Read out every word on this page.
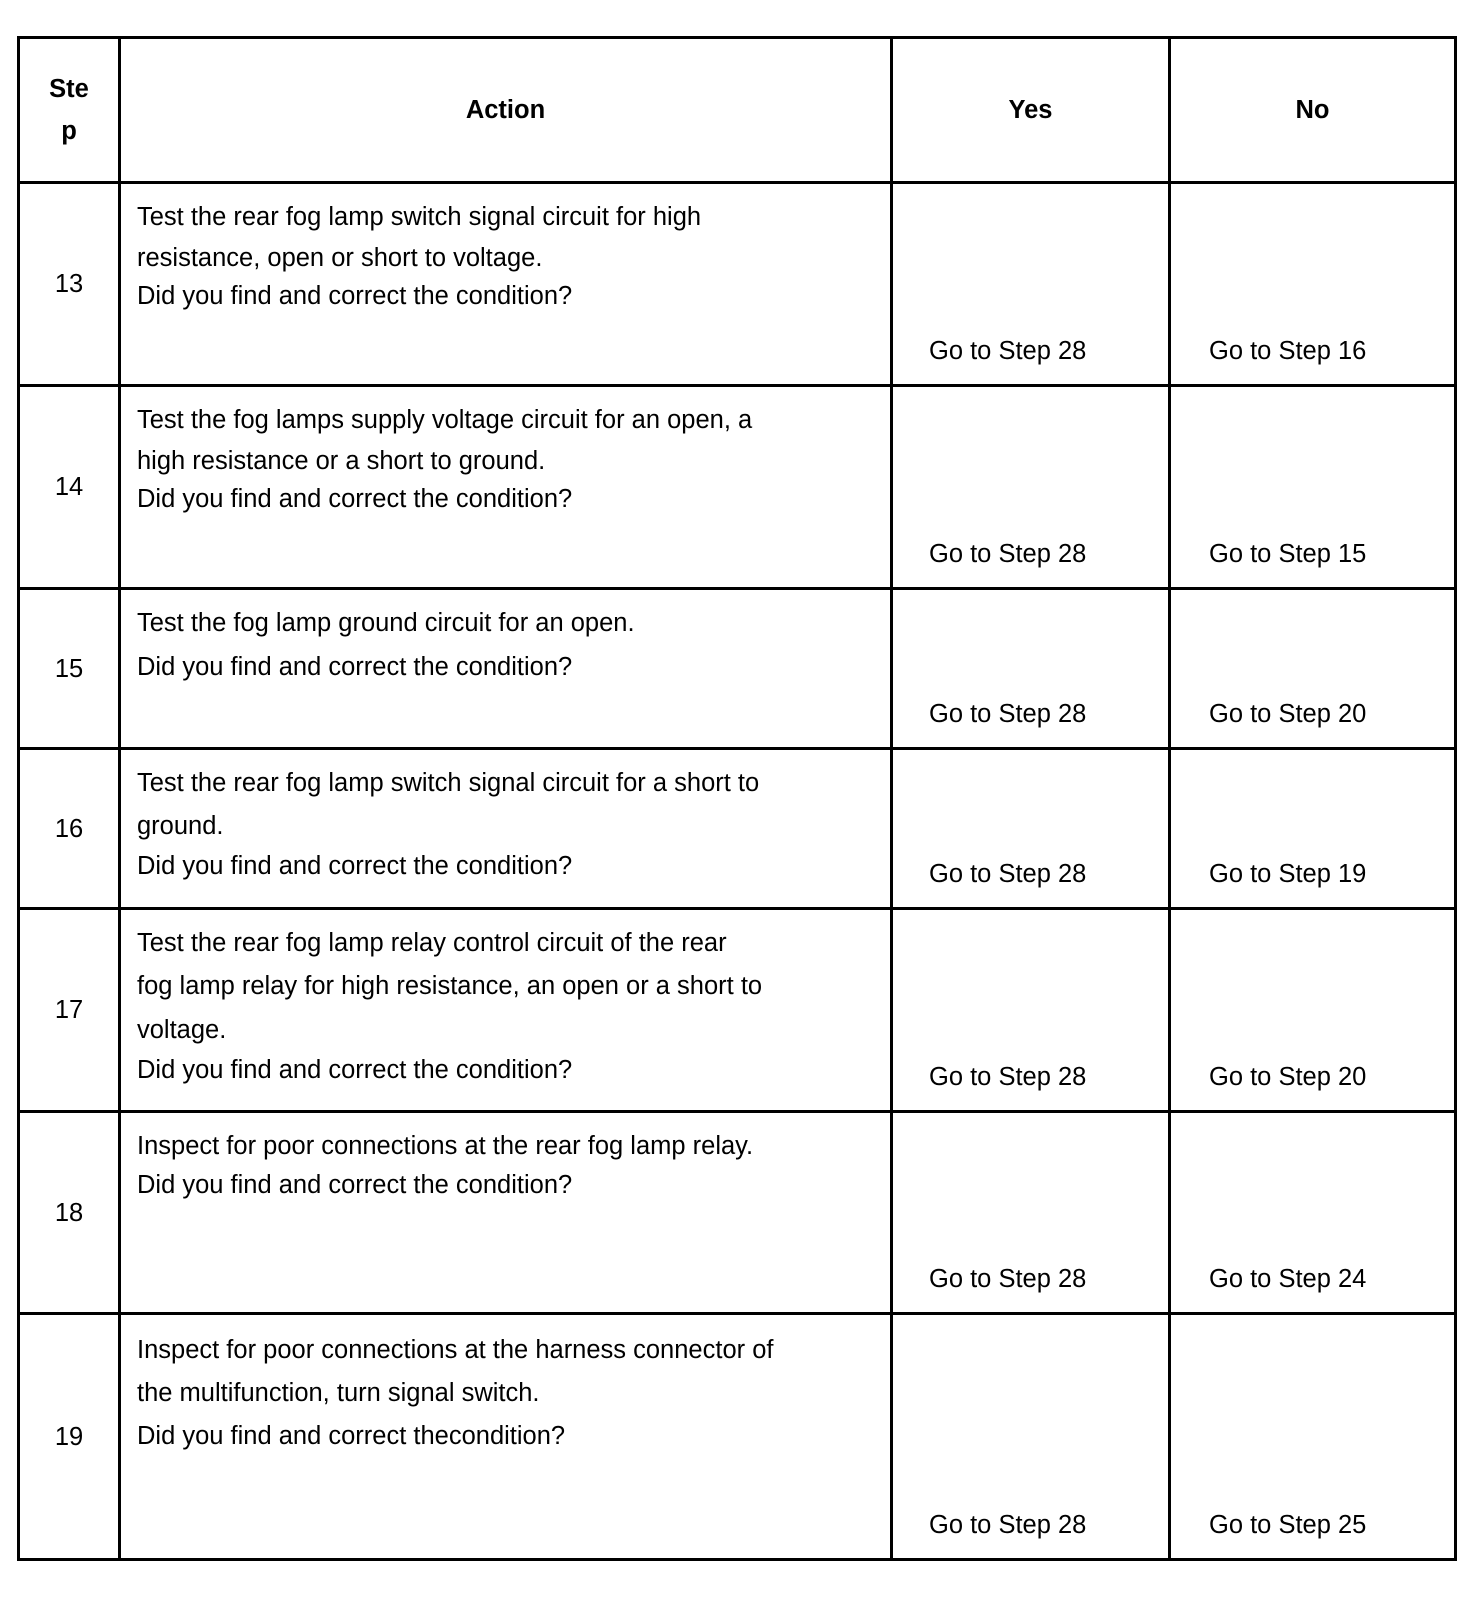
Step	Action	Yes	No
13	Test the rear fog lamp switch signal circuit for high
resistance, open or short to voltage.
Did you find and correct the condition?	Go to Step 28	Go to Step 16
14	Test the fog lamps supply voltage circuit for an open, a
high resistance or a short to ground.
Did you find and correct the condition?	Go to Step 28	Go to Step 15
15	Test the fog lamp ground circuit for an open.
Did you find and correct the condition?	Go to Step 28	Go to Step 20
16	Test the rear fog lamp switch signal circuit for a short to
ground.
Did you find and correct the condition?	Go to Step 28	Go to Step 19
17	Test the rear fog lamp relay control circuit of the rear
fog lamp relay for high resistance, an open or a short to
voltage.
Did you find and correct the condition?	Go to Step 28	Go to Step 20
18	Inspect for poor connections at the rear fog lamp relay.
Did you find and correct the condition?	Go to Step 28	Go to Step 24
19	Inspect for poor connections at the harness connector of
the multifunction, turn signal switch.
Did you find and correct thecondition?	Go to Step 28	Go to Step 25
